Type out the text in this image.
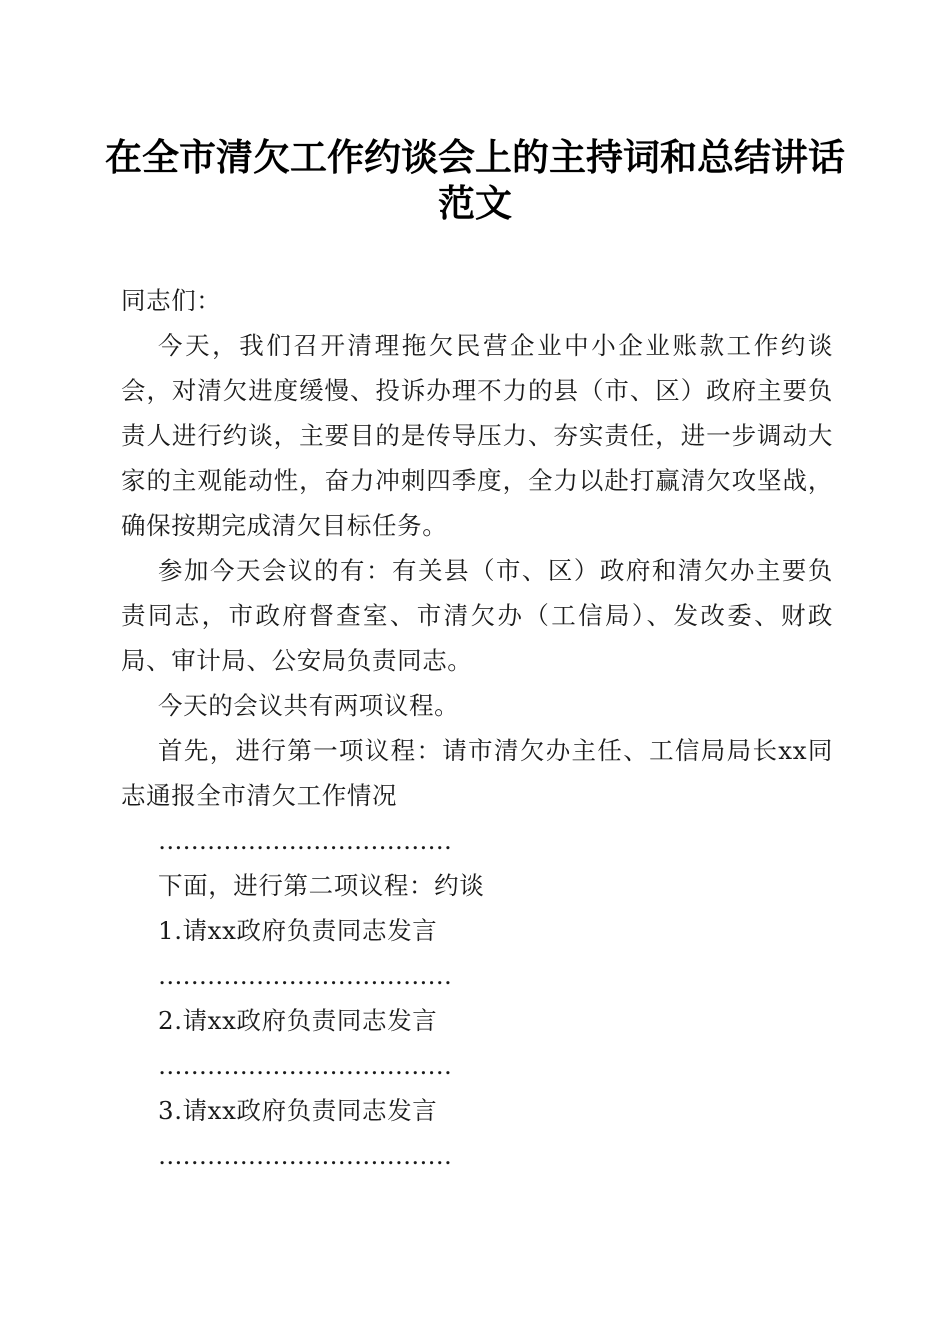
在全市清欠工作约谈会上的主持词和总结讲话范文

同志们：

今天，我们召开清理拖欠民营企业中小企业账款工作约谈会，对清欠进度缓慢、投诉办理不力的县（市、区）政府主要负责人进行约谈，主要目的是传导压力、夯实责任，进一步调动大家的主观能动性，奋力冲刺四季度，全力以赴打赢清欠攻坚战，确保按期完成清欠目标任务。

参加今天会议的有：有关县（市、区）政府和清欠办主要负责同志，市政府督查室、市清欠办（工信局）、发改委、财政局、审计局、公安局负责同志。

今天的会议共有两项议程。

首先，进行第一项议程：请市清欠办主任、工信局局长xx同志通报全市清欠工作情况

………………………………

下面，进行第二项议程：约谈

1.请xx政府负责同志发言

………………………………

2.请xx政府负责同志发言

………………………………

3.请xx政府负责同志发言

………………………………
